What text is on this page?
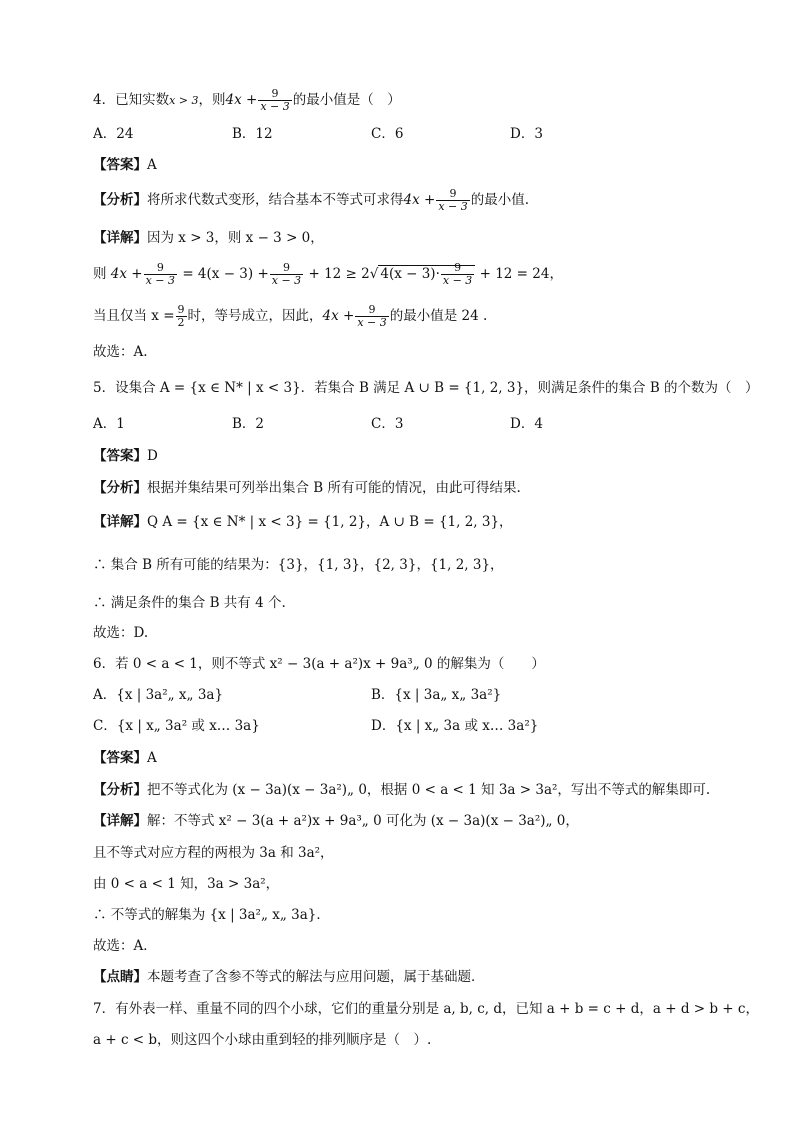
4．已知实数x > 3，则$4x + \frac{9}{x - 3}$ 的最小值是（　）
A．24	B．12	C．6	D．3
【答案】A
【分析】将所求代数式变形，结合基本不等式可求得$4x + \frac{9}{x - 3}$ 的最小值.
【详解】因为 x > 3，则 x − 3 > 0，
则 $4x + \frac{9}{x - 3} = 4(x - 3) + \frac{9}{x - 3} + 12 \ge 2√$ $4(x - 3)\cdot \frac{9}{x - 3} + 12 = 24$，
当且仅当 $x = \frac{9}{2}$ 时，等号成立，因此，$4x + \frac{9}{x - 3}$ 的最小值是 24 .
故选：A.
5．设集合 A = {x ∈ N* | x < 3}．若集合 B 满足 A ∪ B = {1, 2, 3}，则满足条件的集合 B 的个数为（　）
A．1	B．2	C．3	D．4
【答案】D
【分析】根据并集结果可列举出集合 B 所有可能的情况，由此可得结果.
【详解】Q A = {x ∈ N* | x < 3} = {1, 2}，A ∪ B = {1, 2, 3}，
∴ 集合 B 所有可能的结果为：{3}，{1, 3}，{2, 3}，{1, 2, 3}，
∴ 满足条件的集合 B 共有 4 个.
故选：D.
6．若 0 < a < 1，则不等式 x² − 3(a + a²)x + 9a³„ 0 的解集为（　　）
A．{x | 3a²„ x„ 3a}	B．{x | 3a„ x„ 3a²}
C．{x | x„ 3a² 或 x… 3a}	D．{x | x„ 3a 或 x… 3a²}
【答案】A
【分析】把不等式化为 (x − 3a)(x − 3a²)„ 0，根据 0 < a < 1 知 3a > 3a²，写出不等式的解集即可.
【详解】解：不等式 x² − 3(a + a²)x + 9a³„ 0 可化为 (x − 3a)(x − 3a²)„ 0，
且不等式对应方程的两根为 3a 和 3a²，
由 0 < a < 1 知，3a > 3a²，
∴ 不等式的解集为 {x | 3a²„ x„ 3a}．
故选：A．
【点睛】本题考查了含参不等式的解法与应用问题，属于基础题．
7．有外表一样、重量不同的四个小球，它们的重量分别是 a, b, c, d，已知 a + b = c + d，a + d > b + c，
a + c < b，则这四个小球由重到轻的排列顺序是（　）.
